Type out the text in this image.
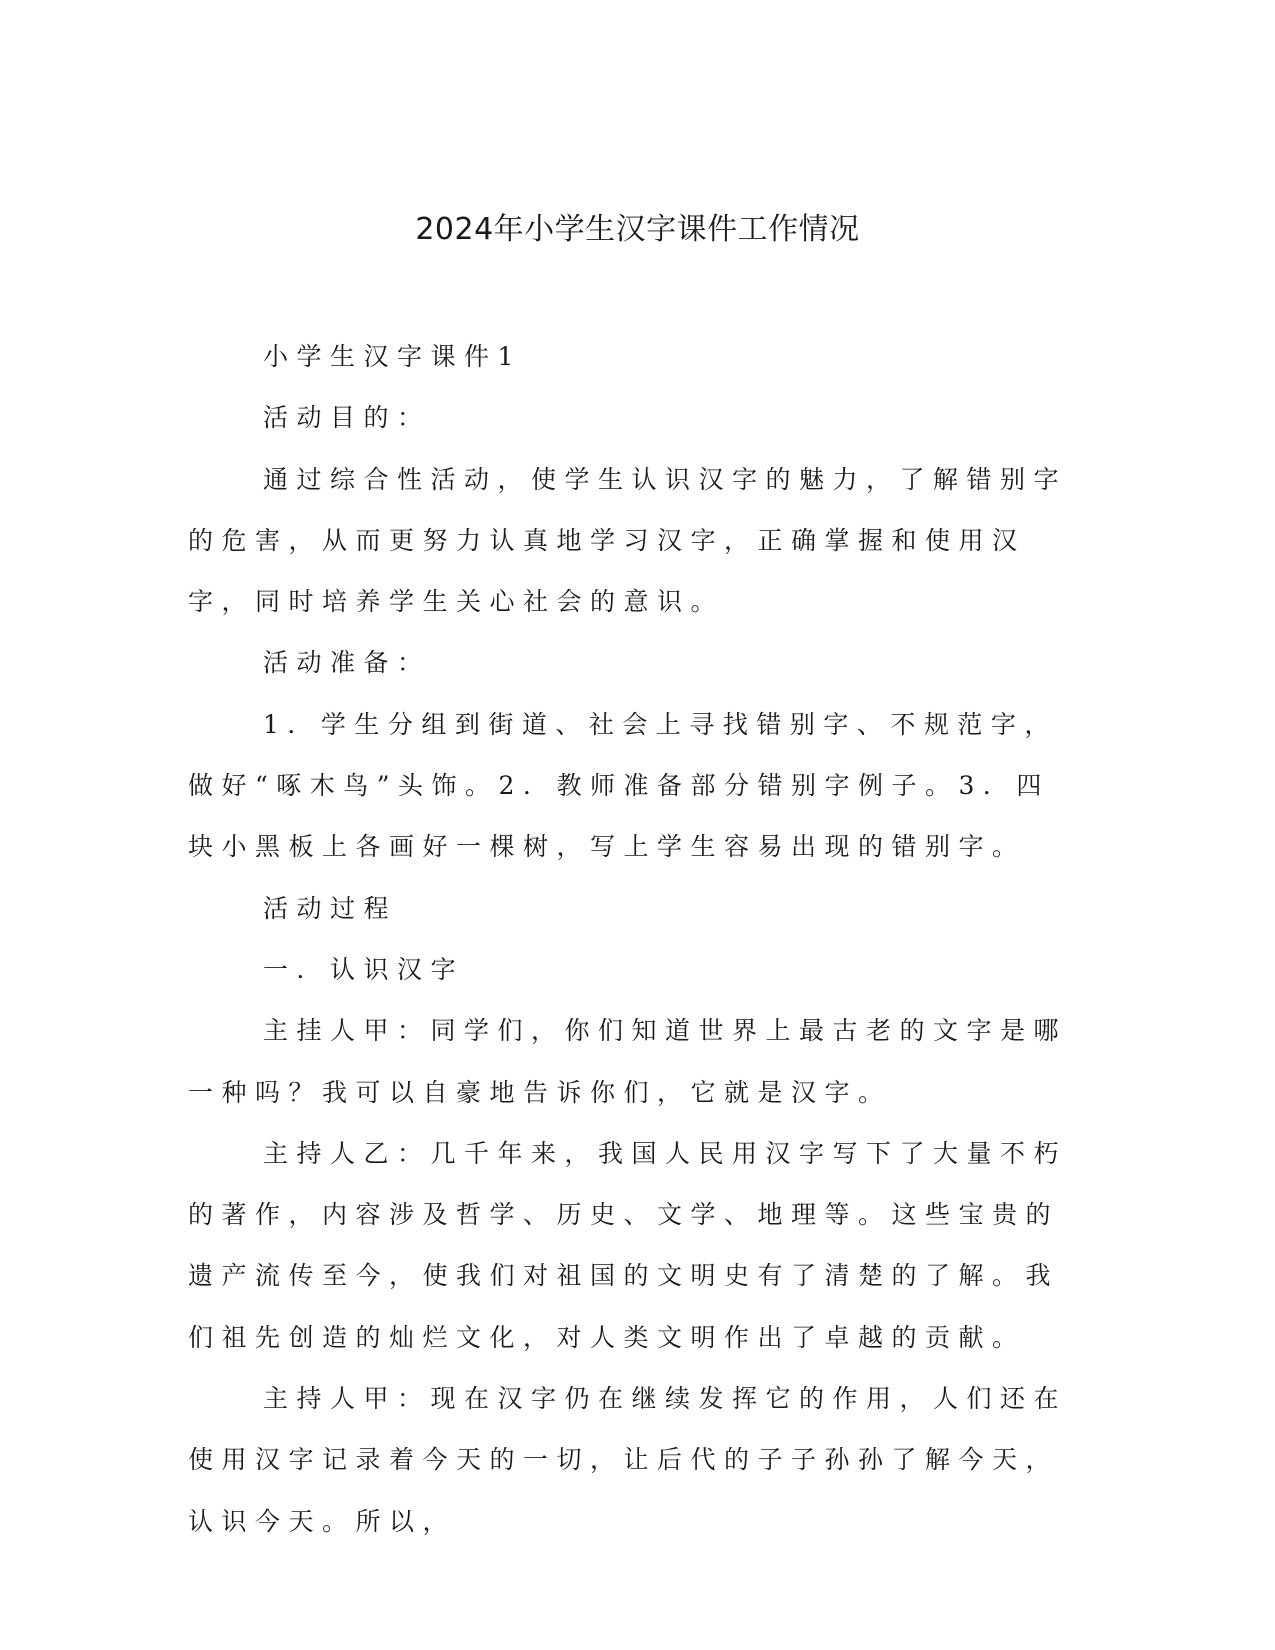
2024年小学生汉字课件工作情况

小学生汉字课件1

活动目的：

通过综合性活动，使学生认识汉字的魅力，了解错别字的危害，从而更努力认真地学习汉字，正确掌握和使用汉字，同时培养学生关心社会的意识。

活动准备：

1．学生分组到街道、社会上寻找错别字、不规范字，做好“啄木鸟”头饰。2．教师准备部分错别字例子。3．四块小黑板上各画好一棵树，写上学生容易出现的错别字。

活动过程

一．认识汉字

主挂人甲：同学们，你们知道世界上最古老的文字是哪一种吗？我可以自豪地告诉你们，它就是汉字。

主持人乙：几千年来，我国人民用汉字写下了大量不朽的著作，内容涉及哲学、历史、文学、地理等。这些宝贵的遗产流传至今，使我们对祖国的文明史有了清楚的了解。我们祖先创造的灿烂文化，对人类文明作出了卓越的贡献。

主持人甲：现在汉字仍在继续发挥它的作用，人们还在使用汉字记录着今天的一切，让后代的子子孙孙了解今天，认识今天。所以，
